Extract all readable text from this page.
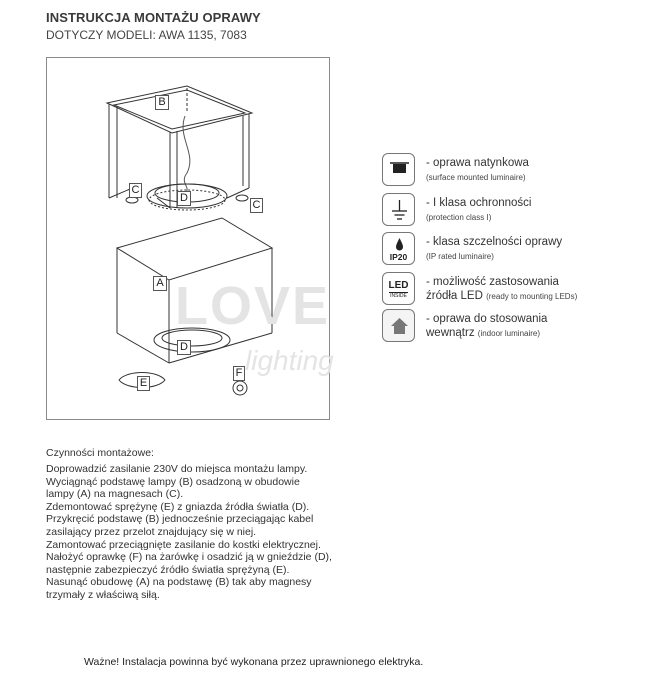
INSTRUKCJA MONTAŻU OPRAWY
DOTYCZY MODELI: AWA 1135, 7083
B
C
D
C
A
D
E
F
LOVE
lighting
- oprawa natynkowa
(surface mounted luminaire)
- I klasa ochronności
(protection class I)
IP20
- klasa szczelności oprawy
(IP rated luminaire)
LED
INSIDE
- możliwość zastosowania
źródła LED (ready to mounting LEDs)
- oprawa do stosowania
wewnątrz (indoor luminaire)
Czynności montażowe:
Doprowadzić zasilanie 230V do miejsca montażu lampy.
Wyciągnąć podstawę lampy (B) osadzoną w obudowie
lampy (A) na magnesach (C).
Zdemontować sprężynę (E) z gniazda źródła światła (D).
Przykręcić podstawę (B) jednocześnie przeciągając kabel
zasilający przez przelot znajdujący się w niej.
Zamontować przeciągnięte zasilanie do kostki elektrycznej.
Nałożyć oprawkę (F) na żarówkę i osadzić ją w gnieździe (D),
następnie zabezpieczyć źródło światła sprężyną (E).
Nasunąć obudowę (A) na podstawę (B) tak aby magnesy
trzymały z właściwą siłą.
Ważne! Instalacja powinna być wykonana przez uprawnionego elektryka.
